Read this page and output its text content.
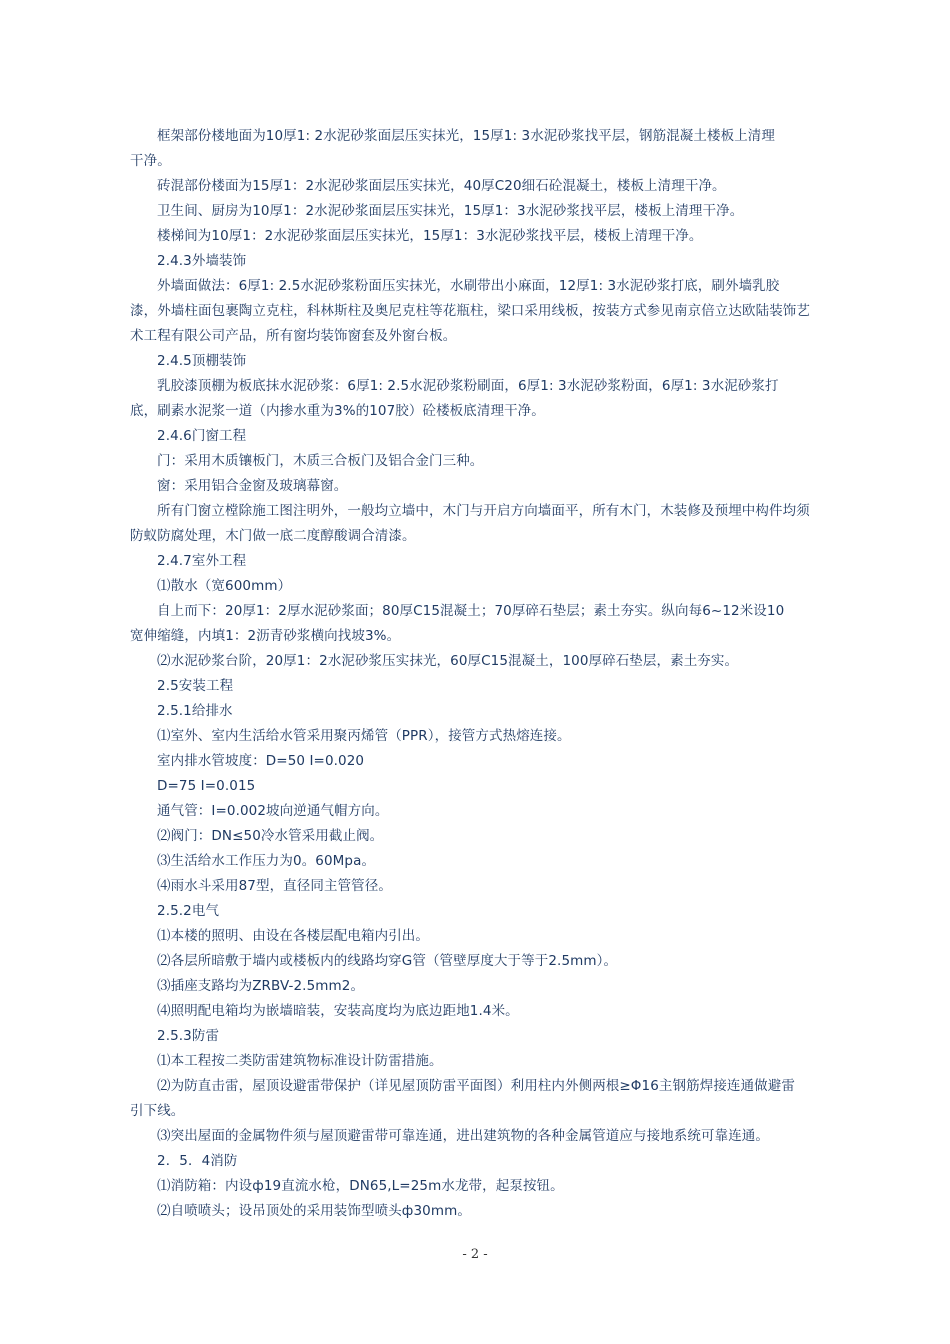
框架部份楼地面为10厚1: 2水泥砂浆面层压实抹光，15厚1: 3水泥砂浆找平层，钢筋混凝土楼板上清理
干净。
砖混部份楼面为15厚1：2水泥砂浆面层压实抹光，40厚C20细石砼混凝土，楼板上清理干净。
卫生间、厨房为10厚1：2水泥砂浆面层压实抹光，15厚1：3水泥砂浆找平层，楼板上清理干净。
楼梯间为10厚1：2水泥砂浆面层压实抹光，15厚1：3水泥砂浆找平层，楼板上清理干净。
2.4.3外墙装饰
外墙面做法：6厚1: 2.5水泥砂浆粉面压实抹光，水刷带出小麻面，12厚1: 3水泥砂浆打底，刷外墙乳胶
漆，外墙柱面包裹陶立克柱，科林斯柱及奥尼克柱等花瓶柱，梁口采用线板，按装方式参见南京倍立达欧陆装饰艺
术工程有限公司产品，所有窗均装饰窗套及外窗台板。
2.4.5顶棚装饰
乳胶漆顶棚为板底抹水泥砂浆：6厚1: 2.5水泥砂浆粉刷面，6厚1: 3水泥砂浆粉面，6厚1: 3水泥砂浆打
底，刷素水泥浆一道（内掺水重为3%的107胶）砼楼板底清理干净。
2.4.6门窗工程
门：采用木质镶板门，木质三合板门及铝合金门三种。
窗：采用铝合金窗及玻璃幕窗。
所有门窗立樘除施工图注明外，一般均立墙中，木门与开启方向墙面平，所有木门，木装修及预埋中构件均须
防蚁防腐处理，木门做一底二度醇酸调合清漆。
2.4.7室外工程
⑴散水（宽600mm）
自上而下：20厚1：2厚水泥砂浆面；80厚C15混凝土；70厚碎石垫层；素土夯实。纵向每6~12米设10
宽伸缩缝，内填1：2沥青砂浆横向找坡3%。
⑵水泥砂浆台阶，20厚1：2水泥砂浆压实抹光，60厚C15混凝土，100厚碎石垫层，素土夯实。
2.5安装工程
2.5.1给排水
⑴室外、室内生活给水管采用聚丙烯管（PPR），接管方式热熔连接。
室内排水管坡度：D=50 I=0.020
D=75 I=0.015
通气管：I=0.002坡向逆通气帽方向。
⑵阀门：DN≤50冷水管采用截止阀。
⑶生活给水工作压力为0。60Mpa。
⑷雨水斗采用87型，直径同主管管径。
2.5.2电气
⑴本楼的照明、由设在各楼层配电箱内引出。
⑵各层所暗敷于墙内或楼板内的线路均穿G管（管壁厚度大于等于2.5mm）。
⑶插座支路均为ZRBV-2.5mm2。
⑷照明配电箱均为嵌墙暗装，安装高度均为底边距地1.4米。
2.5.3防雷
⑴本工程按二类防雷建筑物标准设计防雷措施。
⑵为防直击雷，屋顶设避雷带保护（详见屋顶防雷平面图）利用柱内外侧两根≥Φ16主钢筋焊接连通做避雷
引下线。
⑶突出屋面的金属物件须与屋顶避雷带可靠连通，进出建筑物的各种金属管道应与接地系统可靠连通。
2．5．4消防
⑴消防箱：内设ф19直流水枪，DN65,L=25m水龙带，起泵按钮。
⑵自喷喷头；设吊顶处的采用装饰型喷头ф30mm。
- 2 -
